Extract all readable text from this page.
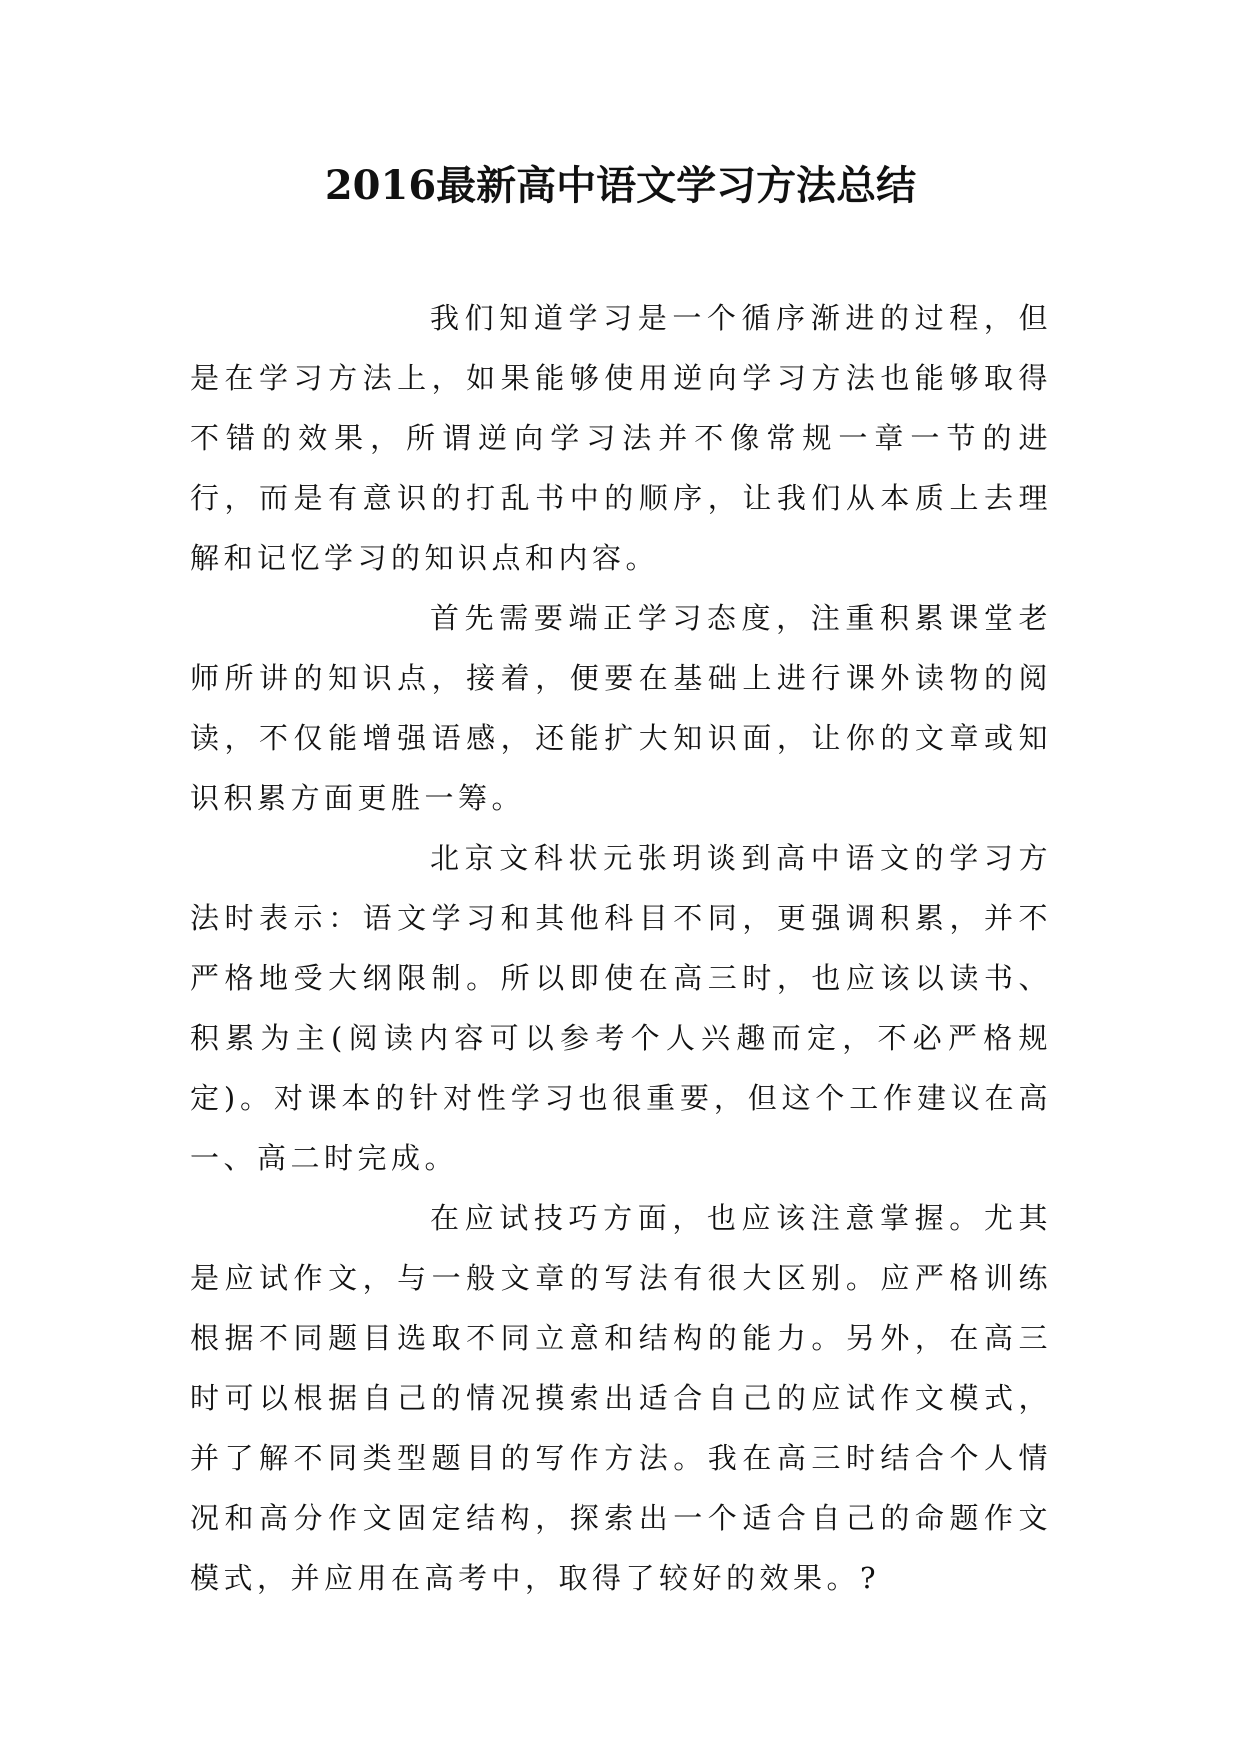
2016最新高中语文学习方法总结

我们知道学习是一个循序渐进的过程，但是在学习方法上，如果能够使用逆向学习方法也能够取得不错的效果，所谓逆向学习法并不像常规一章一节的进行，而是有意识的打乱书中的顺序，让我们从本质上去理解和记忆学习的知识点和内容。

首先需要端正学习态度，注重积累课堂老师所讲的知识点，接着，便要在基础上进行课外读物的阅读，不仅能增强语感，还能扩大知识面，让你的文章或知识积累方面更胜一筹。

北京文科状元张玥谈到高中语文的学习方法时表示：语文学习和其他科目不同，更强调积累，并不严格地受大纲限制。所以即使在高三时，也应该以读书、积累为主(阅读内容可以参考个人兴趣而定，不必严格规定)。对课本的针对性学习也很重要，但这个工作建议在高一、高二时完成。

在应试技巧方面，也应该注意掌握。尤其是应试作文，与一般文章的写法有很大区别。应严格训练根据不同题目选取不同立意和结构的能力。另外，在高三时可以根据自己的情况摸索出适合自己的应试作文模式，并了解不同类型题目的写作方法。我在高三时结合个人情况和高分作文固定结构，探索出一个适合自己的命题作文模式，并应用在高考中，取得了较好的效果。?
